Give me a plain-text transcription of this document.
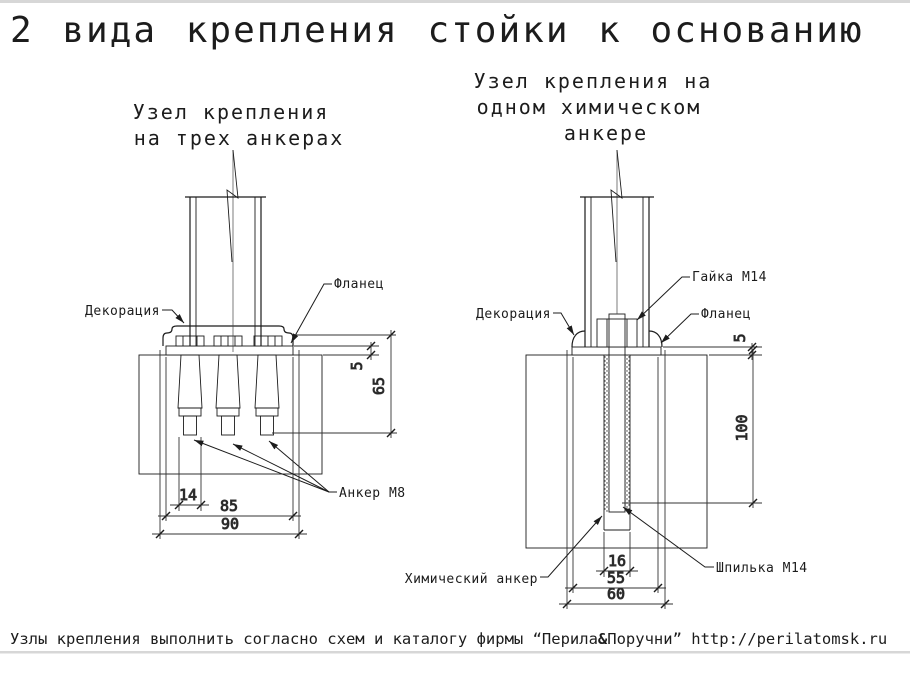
2 вида крепления стойки к основанию
Узел крепления
на трех анкерах
5
65
14
85
90
Декорация
Фланец
Анкер М8
Узел крепления на
одном химическом
анкере
5
100
16
55
60
Гайка М14
Декорация	Фланец
Шпилька М14
Химический анкер
Узлы крепления выполнить согласно схем и каталогу фирмы “Перила&Поручни” http://perilatomsk.ru
